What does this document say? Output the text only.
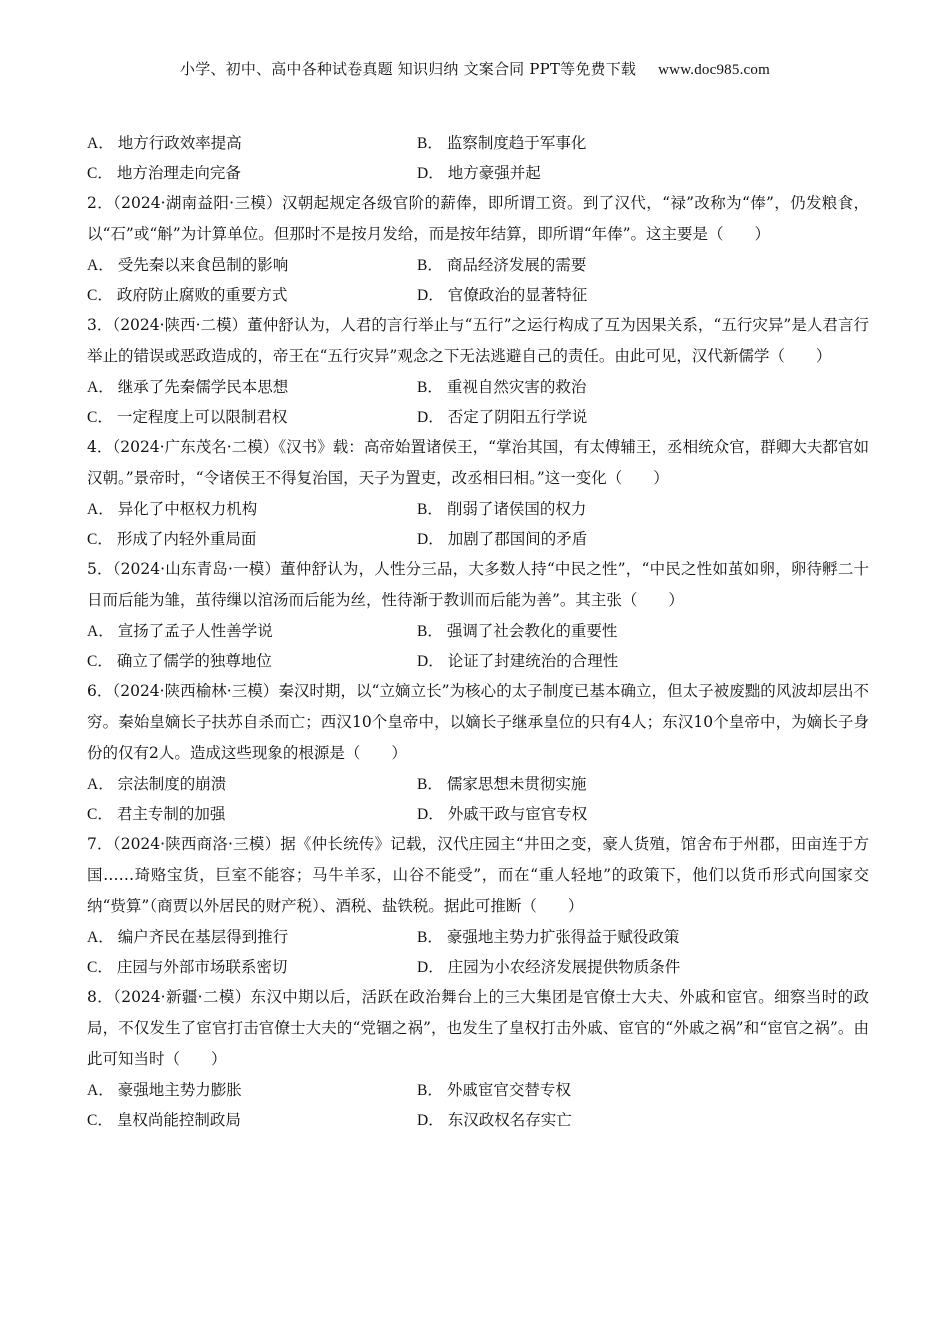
小学、初中、高中各种试卷真题 知识归纳 文案合同 PPT等免费下载 www.doc985.com
A． 地方行政效率提高	B． 监察制度趋于军事化
C． 地方治理走向完备	D． 地方豪强并起

2．（2024·湖南益阳·三模）汉朝起规定各级官阶的薪俸，即所谓工资。到了汉代，“禄”改称为“俸”，仍发粮食，以“石”或“斛”为计算单位。但那时不是按月发给，而是按年结算，即所谓“年俸”。这主要是（　　）

A． 受先秦以来食邑制的影响	B． 商品经济发展的需要
C． 政府防止腐败的重要方式	D． 官僚政治的显著特征

3．（2024·陕西·二模）董仲舒认为，人君的言行举止与“五行”之运行构成了互为因果关系，“五行灾异”是人君言行举止的错误或恶政造成的，帝王在“五行灾异”观念之下无法逃避自己的责任。由此可见，汉代新儒学（　　）

A． 继承了先秦儒学民本思想	B． 重视自然灾害的救治
C． 一定程度上可以限制君权	D． 否定了阴阳五行学说

4．（2024·广东茂名·二模）《汉书》载：高帝始置诸侯王，“掌治其国，有太傅辅王，丞相统众官，群卿大夫都官如汉朝。”景帝时，“令诸侯王不得复治国，天子为置吏，改丞相曰相。”这一变化（　　）

A． 异化了中枢权力机构	B． 削弱了诸侯国的权力
C． 形成了内轻外重局面	D． 加剧了郡国间的矛盾

5．（2024·山东青岛·一模）董仲舒认为，人性分三品，大多数人持“中民之性”，“中民之性如茧如卵，卵待孵二十日而后能为雏，茧待缫以涫汤而后能为丝，性待渐于教训而后能为善”。其主张（　　）

A． 宣扬了孟子人性善学说	B． 强调了社会教化的重要性
C． 确立了儒学的独尊地位	D． 论证了封建统治的合理性

6．（2024·陕西榆林·三模）秦汉时期，以“立嫡立长”为核心的太子制度已基本确立，但太子被废黜的风波却层出不穷。秦始皇嫡长子扶苏自杀而亡；西汉10个皇帝中，以嫡长子继承皇位的只有4人；东汉10个皇帝中，为嫡长子身份的仅有2人。造成这些现象的根源是（　　）

A． 宗法制度的崩溃	B． 儒家思想未贯彻实施
C． 君主专制的加强	D． 外戚干政与宦官专权

7．（2024·陕西商洛·三模）据《仲长统传》记载，汉代庄园主“井田之变，豪人货殖，馆舍布于州郡，田亩连于方国……琦赂宝货，巨室不能容；马牛羊豕，山谷不能受”，而在“重人轻地”的政策下，他们以货币形式向国家交纳“赀算”（商贾以外居民的财产税）、酒税、盐铁税。据此可推断（　　）

A． 编户齐民在基层得到推行	B． 豪强地主势力扩张得益于赋役政策
C． 庄园与外部市场联系密切	D． 庄园为小农经济发展提供物质条件

8．（2024·新疆·二模）东汉中期以后，活跃在政治舞台上的三大集团是官僚士大夫、外戚和宦官。细察当时的政局，不仅发生了宦官打击官僚士大夫的“党锢之祸”，也发生了皇权打击外戚、宦官的“外戚之祸”和“宦官之祸”。由此可知当时（　　）

A． 豪强地主势力膨胀	B． 外戚宦官交替专权
C． 皇权尚能控制政局	D． 东汉政权名存实亡
